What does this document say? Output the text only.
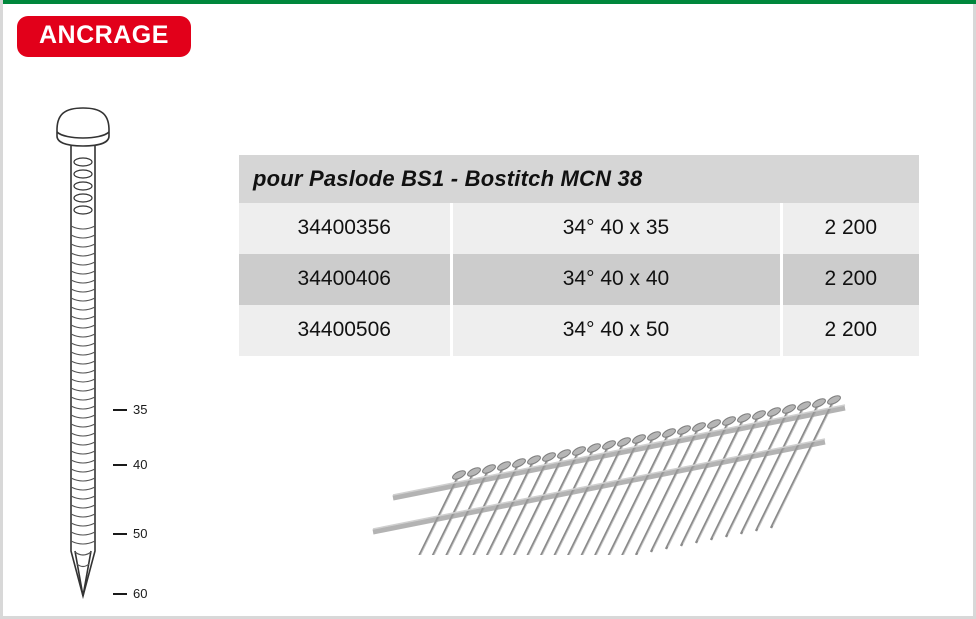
ANCRAGE
35
40
50
60
pour Paslode BS1 - Bostitch MCN 38		
34400356	34° 40 x 35	2 200
34400406	34° 40 x 40	2 200
34400506	34° 40 x 50	2 200
